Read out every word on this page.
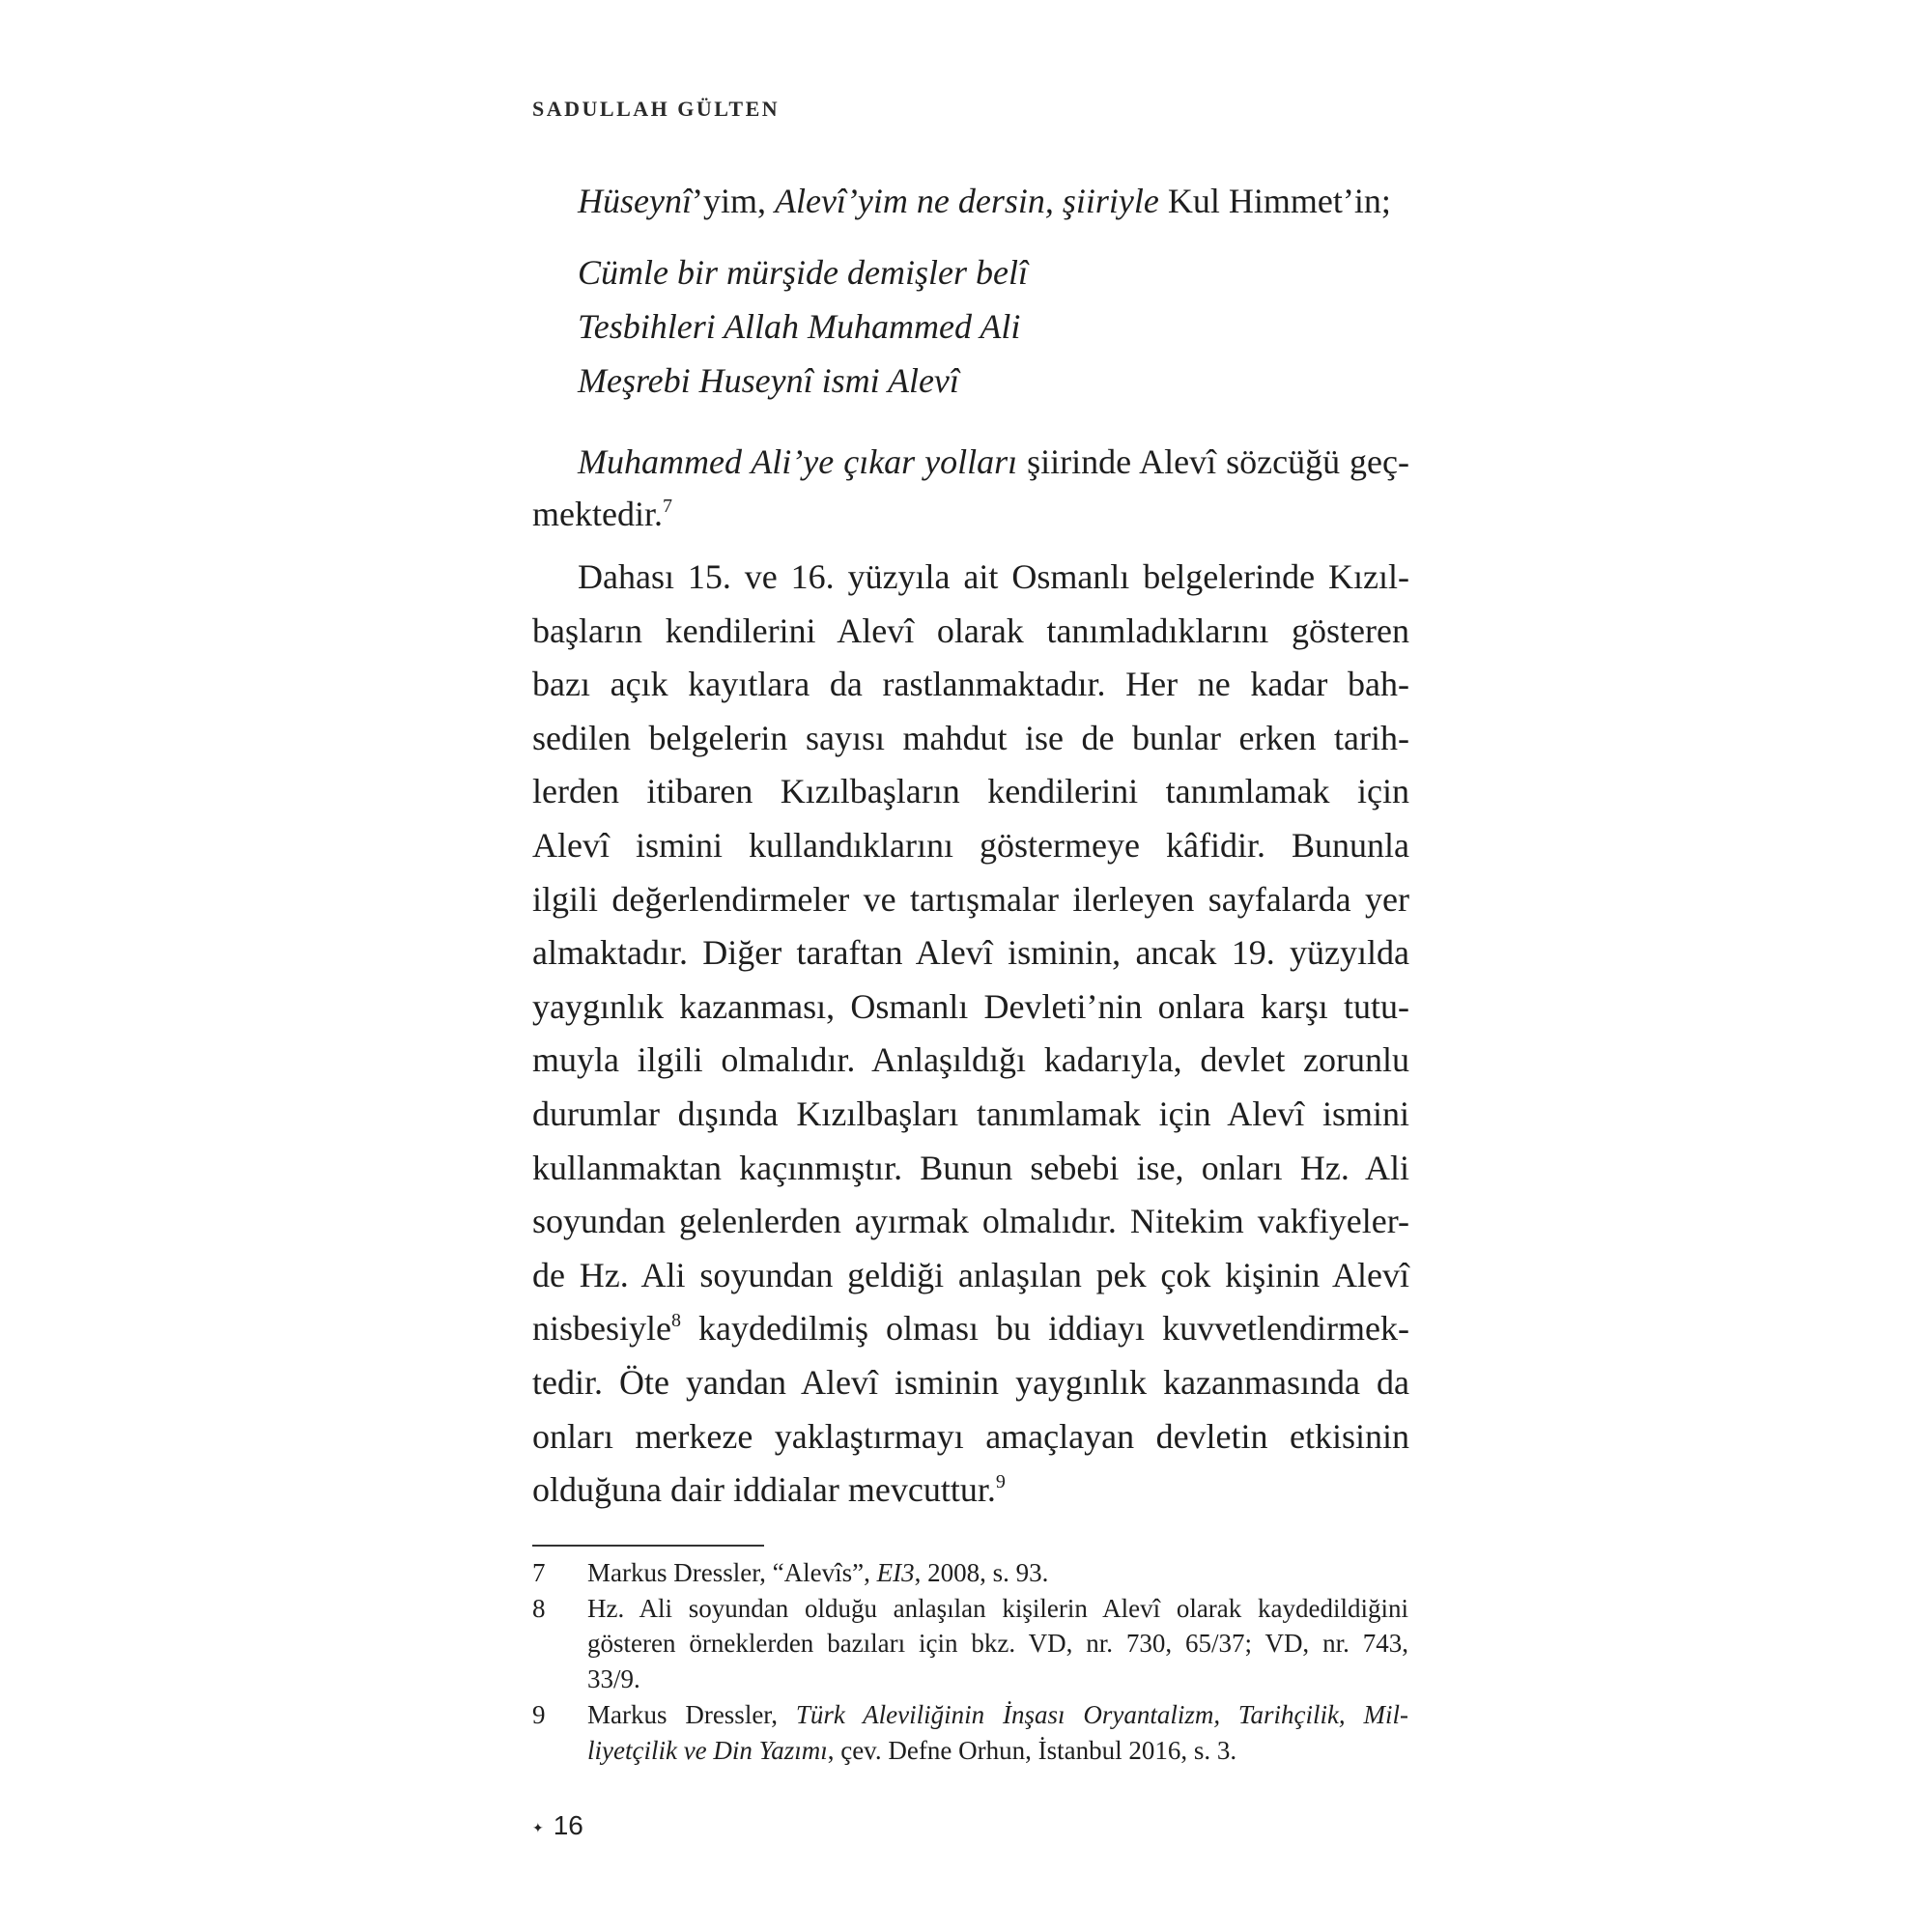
SADULLAH GÜLTEN
Hüseynî’yim, Alevî’yim ne dersin, şiiriyle Kul Himmet’in;
Cümle bir mürşide demişler belî
Tesbihleri Allah Muhammed Ali
Meşrebi Huseynî ismi Alevî
Muhammed Ali’ye çıkar yolları şiirinde Alevî sözcüğü geç-
mektedir.$^7$
Dahası 15. ve 16. yüzyıla ait Osmanlı belgelerinde Kızıl-
başların kendilerini Alevî olarak tanımladıklarını gösteren
bazı açık kayıtlara da rastlanmaktadır. Her ne kadar bah-
sedilen belgelerin sayısı mahdut ise de bunlar erken tarih-
lerden itibaren Kızılbaşların kendilerini tanımlamak için
Alevî ismini kullandıklarını göstermeye kâfidir. Bununla
ilgili değerlendirmeler ve tartışmalar ilerleyen sayfalarda yer
almaktadır. Diğer taraftan Alevî isminin, ancak 19. yüzyılda
yaygınlık kazanması, Osmanlı Devleti’nin onlara karşı tutu-
muyla ilgili olmalıdır. Anlaşıldığı kadarıyla, devlet zorunlu
durumlar dışında Kızılbaşları tanımlamak için Alevî ismini
kullanmaktan kaçınmıştır. Bunun sebebi ise, onları Hz. Ali
soyundan gelenlerden ayırmak olmalıdır. Nitekim vakfiyeler-
de Hz. Ali soyundan geldiği anlaşılan pek çok kişinin Alevî
nisbesiyle$^8$ kaydedilmiş olması bu iddiayı kuvvetlendirmek-
tedir. Öte yandan Alevî isminin yaygınlık kazanmasında da
onları merkeze yaklaştırmayı amaçlayan devletin etkisinin
olduğuna dair iddialar mevcuttur.$^9$
7 Markus Dressler, “Alevîs”, EI3, 2008, s. 93.
8 Hz. Ali soyundan olduğu anlaşılan kişilerin Alevî olarak kaydedildiğini
gösteren örneklerden bazıları için bkz. VD, nr. 730, 65/37; VD, nr. 743,
33/9.
9 Markus Dressler, Türk Aleviliğinin İnşası Oryantalizm, Tarihçilik, Mil-
liyetçilik ve Din Yazımı, çev. Defne Orhun, İstanbul 2016, s. 3.
✦ 16
